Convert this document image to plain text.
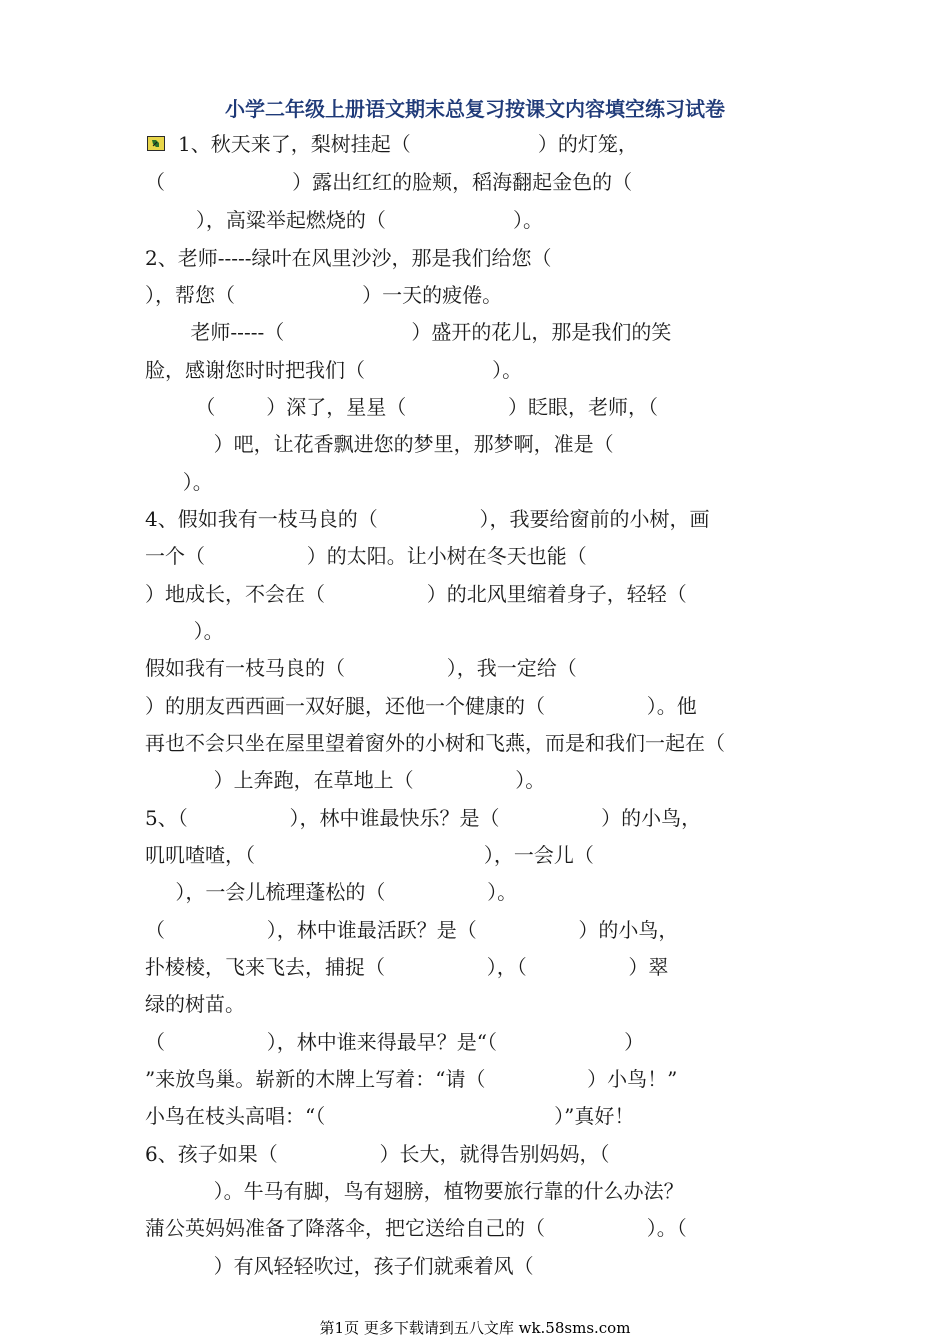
小学二年级上册语文期末总复习按课文内容填空练习试卷
1、秋天来了，梨树挂起（                    ）的灯笼，
（                    ）露出红红的脸颊，稻海翻起金色的（
），高粱举起燃烧的（                    ）。
2、老师-----绿叶在风里沙沙，那是我们给您（
），帮您（                    ）一天的疲倦。
老师-----（                    ）盛开的花儿，那是我们的笑
脸，感谢您时时把我们（                    ）。
（        ）深了，星星（                ）眨眼，老师，（
）吧，让花香飘进您的梦里，那梦啊，准是（
）。
4、假如我有一枝马良的（                ），我要给窗前的小树，画
一个（                ）的太阳。让小树在冬天也能（
）地成长，不会在（                ）的北风里缩着身子，轻轻（
）。
假如我有一枝马良的（                ），我一定给（
）的朋友西西画一双好腿，还他一个健康的（                ）。他
再也不会只坐在屋里望着窗外的小树和飞燕，而是和我们一起在（
）上奔跑，在草地上（                ）。
5、（                ），林中谁最快乐？是（                ）的小鸟，
叽叽喳喳，（                                    ），一会儿（
），一会儿梳理蓬松的（                ）。
（                ），林中谁最活跃？是（                ）的小鸟，
扑棱棱，飞来飞去，捕捉（                ），（                ）翠
绿的树苗。
（                ），林中谁来得最早？是“（                    ）
”来放鸟巢。崭新的木牌上写着：“请（                ）小鸟！”
小鸟在枝头高唱：“（                                    ）”真好！
6、孩子如果（                ）长大，就得告别妈妈，（
）。牛马有脚，鸟有翅膀，植物要旅行靠的什么办法？
蒲公英妈妈准备了降落伞，把它送给自己的（                ）。（
）有风轻轻吹过，孩子们就乘着风（
第1页 更多下载请到五八文库 wk.58sms.com
